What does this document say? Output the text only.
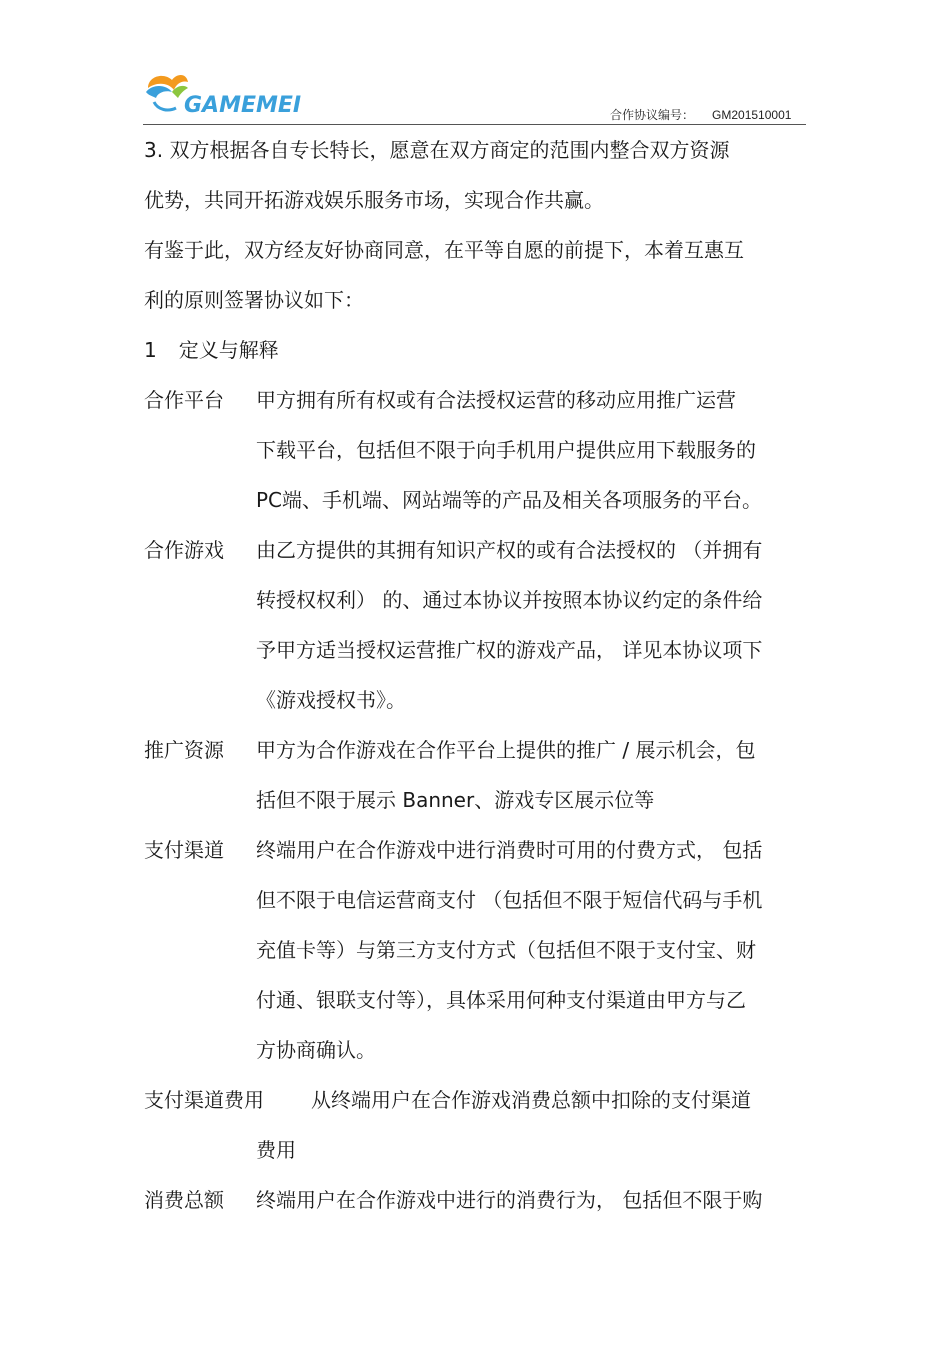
GAMEMEI	合作协议编号： GM201510001
3. 双方根据各自专长特长，愿意在双方商定的范围内整合双方资源
优势，共同开拓游戏娱乐服务市场，实现合作共赢。
有鉴于此，双方经友好协商同意，在平等自愿的前提下，本着互惠互
利的原则签署协议如下：
1 定义与解释
合作平台 甲方拥有所有权或有合法授权运营的移动应用推广运营
下载平台，包括但不限于向手机用户提供应用下载服务的
PC端、手机端、网站端等的产品及相关各项服务的平台。
合作游戏 由乙方提供的其拥有知识产权的或有合法授权的 （并拥有
转授权权利） 的、通过本协议并按照本协议约定的条件给
予甲方适当授权运营推广权的游戏产品， 详见本协议项下
《游戏授权书》。
推广资源 甲方为合作游戏在合作平台上提供的推广 / 展示机会，包
括但不限于展示 Banner、游戏专区展示位等
支付渠道 终端用户在合作游戏中进行消费时可用的付费方式， 包括
但不限于电信运营商支付 （包括但不限于短信代码与手机
充值卡等）与第三方支付方式（包括但不限于支付宝、财
付通、银联支付等），具体采用何种支付渠道由甲方与乙
方协商确认。
支付渠道费用 从终端用户在合作游戏消费总额中扣除的支付渠道
费用
消费总额 终端用户在合作游戏中进行的消费行为， 包括但不限于购
